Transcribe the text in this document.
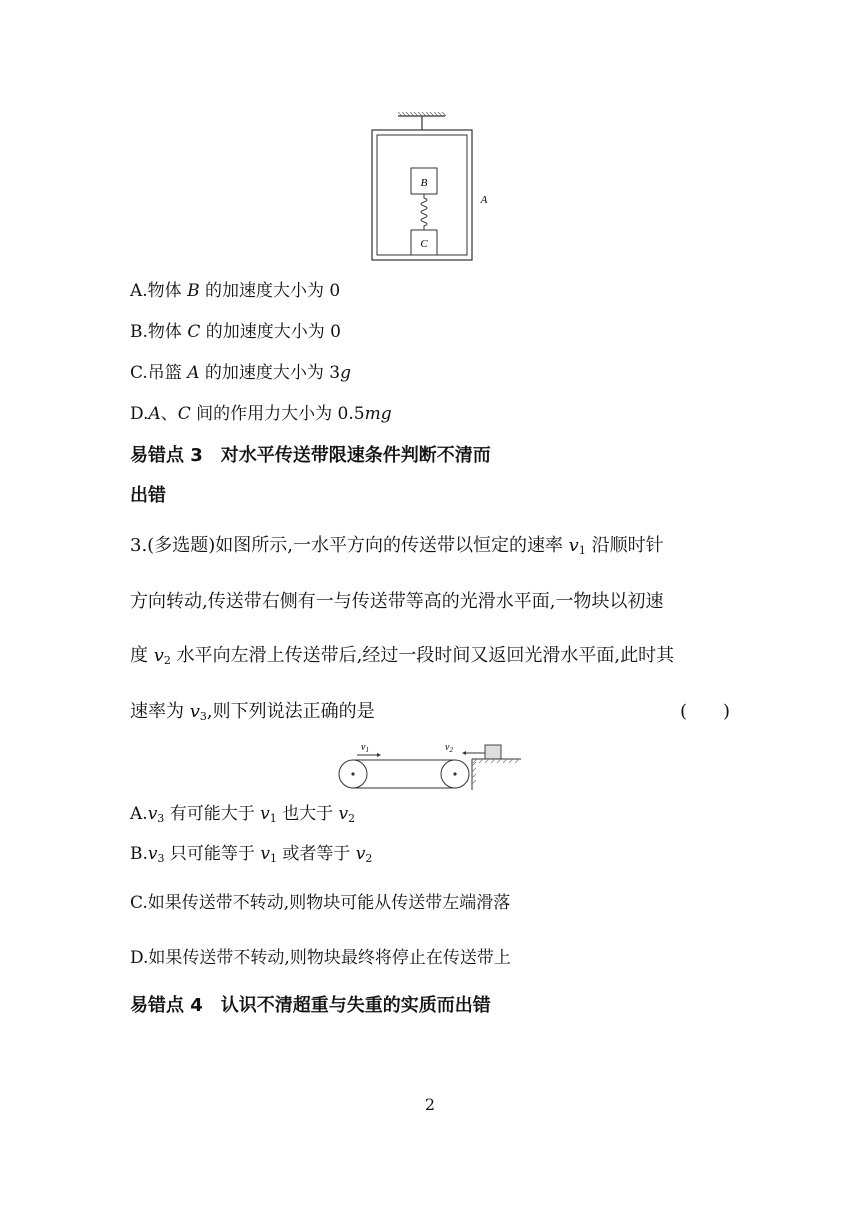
B
C
A
A.物体 B 的加速度大小为 0
B.物体 C 的加速度大小为 0
C.吊篮 A 的加速度大小为 3g
D.A、C 间的作用力大小为 0.5mg
易错点 3　对水平传送带限速条件判断不清而
出错
3.(多选题)如图所示,一水平方向的传送带以恒定的速率 $v_1$ 沿顺时针
方向转动,传送带右侧有一与传送带等高的光滑水平面,一物块以初速
度 $v_2$ 水平向左滑上传送带后,经过一段时间又返回光滑水平面,此时其
速率为 $v_3$,则下列说法正确的是	(　　)
$v_1$	$v_2$
$A.v_3$ 有可能大于 $v_1$ 也大于 $v_2$
$B.v_3$ 只可能等于 $v_1$ 或者等于 $v_2$
C.如果传送带不转动,则物块可能从传送带左端滑落
D.如果传送带不转动,则物块最终将停止在传送带上
易错点 4　认识不清超重与失重的实质而出错
2
